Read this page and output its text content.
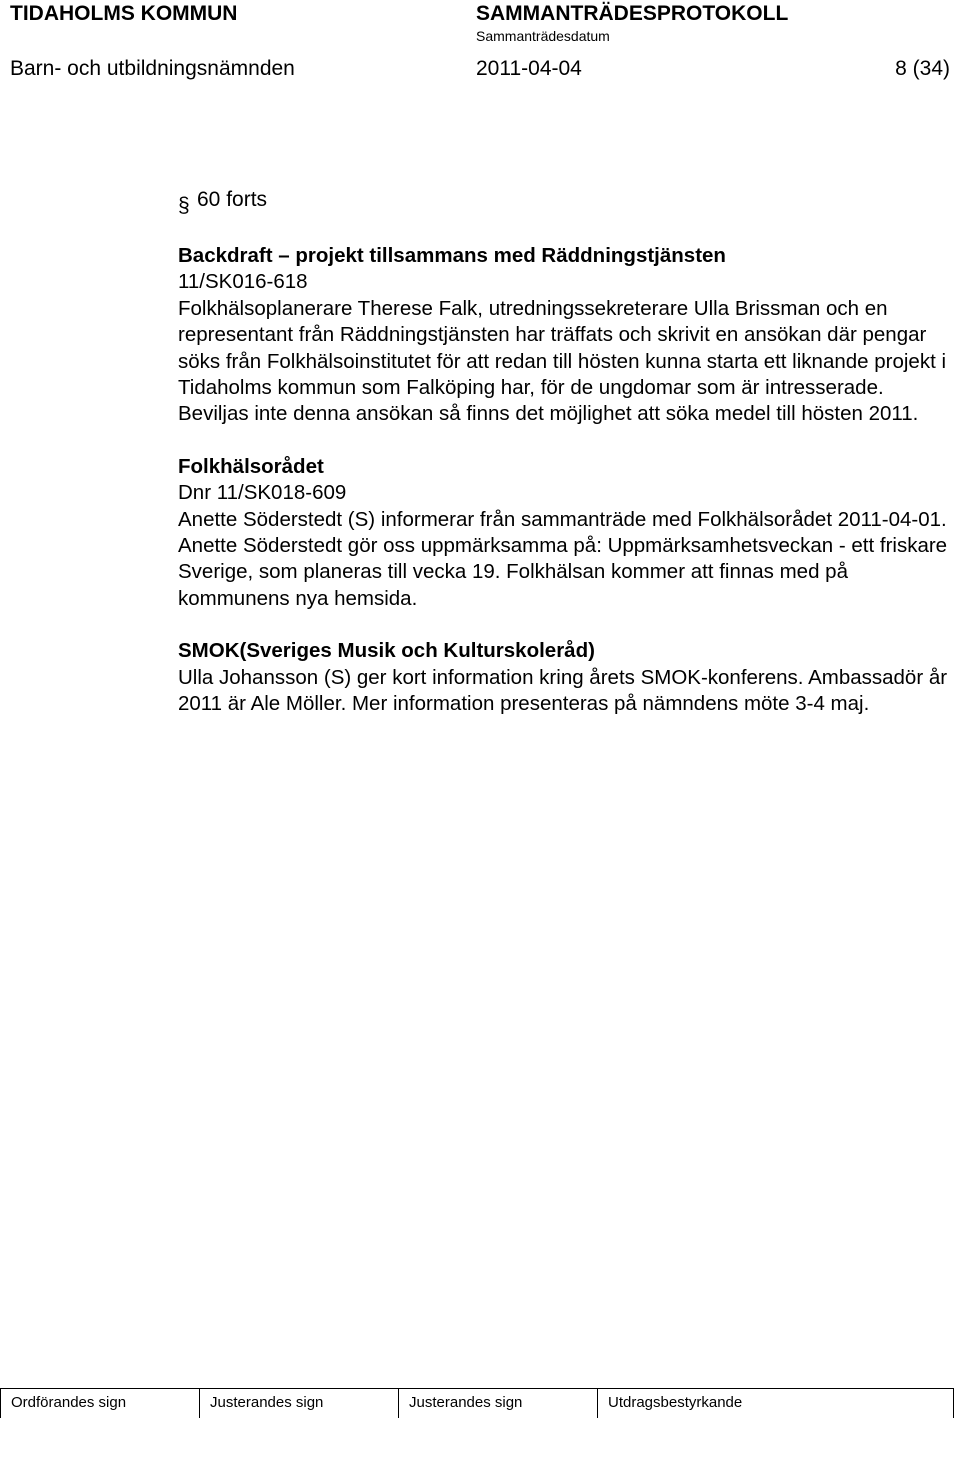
TIDAHOLMS KOMMUN	SAMMANTRÄDESPROTOKOLL
Sammanträdesdatum
Barn- och utbildningsnämnden	2011-04-04	8 (34)
§ 60 forts
Backdraft – projekt tillsammans med Räddningstjänsten

11/SK016-618

Folkhälsoplanerare Therese Falk, utredningssekreterare Ulla Brissman och en representant från Räddningstjänsten har träffats och skrivit en ansökan där pengar söks från Folkhälsoinstitutet för att redan till hösten kunna starta ett liknande projekt i Tidaholms kommun som Falköping har, för de ungdomar som är intresserade. Beviljas inte denna ansökan så finns det möjlighet att söka medel till hösten 2011.

Folkhälsorådet

Dnr 11/SK018-609

Anette Söderstedt (S) informerar från sammanträde med Folkhälsorådet 2011-04-01. Anette Söderstedt gör oss uppmärksamma på: Uppmärksamhetsveckan - ett friskare Sverige, som planeras till vecka 19. Folkhälsan kommer att finnas med på kommunens nya hemsida.

SMOK(Sveriges Musik och Kulturskoleråd)

Ulla Johansson (S) ger kort information kring årets SMOK-konferens. Ambassadör år 2011 är Ale Möller. Mer information presenteras på nämndens möte 3-4 maj.

Ordförandes sign	Justerandes sign	Justerandes sign	Utdragsbestyrkande
